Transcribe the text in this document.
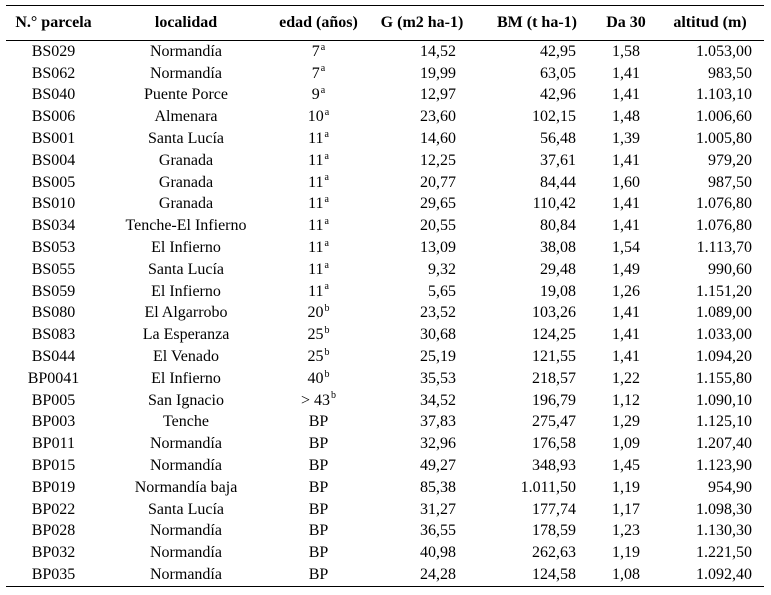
N.° parcela	localidad	edad (años)	G (m2 ha-1)	BM (t ha-1)	Da 30	altitud (m)
BS029	Normandía	7$^a$	14,52	42,95	1,58	1.053,00
BS062	Normandía	7$^a$	19,99	63,05	1,41	983,50
BS040	Puente Porce	9$^a$	12,97	42,96	1,41	1.103,10
BS006	Almenara	10$^a$	23,60	102,15	1,48	1.006,60
BS001	Santa Lucía	11$^a$	14,60	56,48	1,39	1.005,80
BS004	Granada	11$^a$	12,25	37,61	1,41	979,20
BS005	Granada	11$^a$	20,77	84,44	1,60	987,50
BS010	Granada	11$^a$	29,65	110,42	1,41	1.076,80
BS034	Tenche-El Infierno	11$^a$	20,55	80,84	1,41	1.076,80
BS053	El Infierno	11$^a$	13,09	38,08	1,54	1.113,70
BS055	Santa Lucía	11$^a$	9,32	29,48	1,49	990,60
BS059	El Infierno	11$^a$	5,65	19,08	1,26	1.151,20
BS080	El Algarrobo	20$^b$	23,52	103,26	1,41	1.089,00
BS083	La Esperanza	25$^b$	30,68	124,25	1,41	1.033,00
BS044	El Venado	25$^b$	25,19	121,55	1,41	1.094,20
BP0041	El Infierno	40$^b$	35,53	218,57	1,22	1.155,80
BP005	San Ignacio	> $43^b$	34,52	196,79	1,12	1.090,10
BP003	Tenche	BP	37,83	275,47	1,29	1.125,10
BP011	Normandía	BP	32,96	176,58	1,09	1.207,40
BP015	Normandía	BP	49,27	348,93	1,45	1.123,90
BP019	Normandía baja	BP	85,38	1.011,50	1,19	954,90
BP022	Santa Lucía	BP	31,27	177,74	1,17	1.098,30
BP028	Normandía	BP	36,55	178,59	1,23	1.130,30
BP032	Normandía	BP	40,98	262,63	1,19	1.221,50
BP035	Normandía	BP	24,28	124,58	1,08	1.092,40
